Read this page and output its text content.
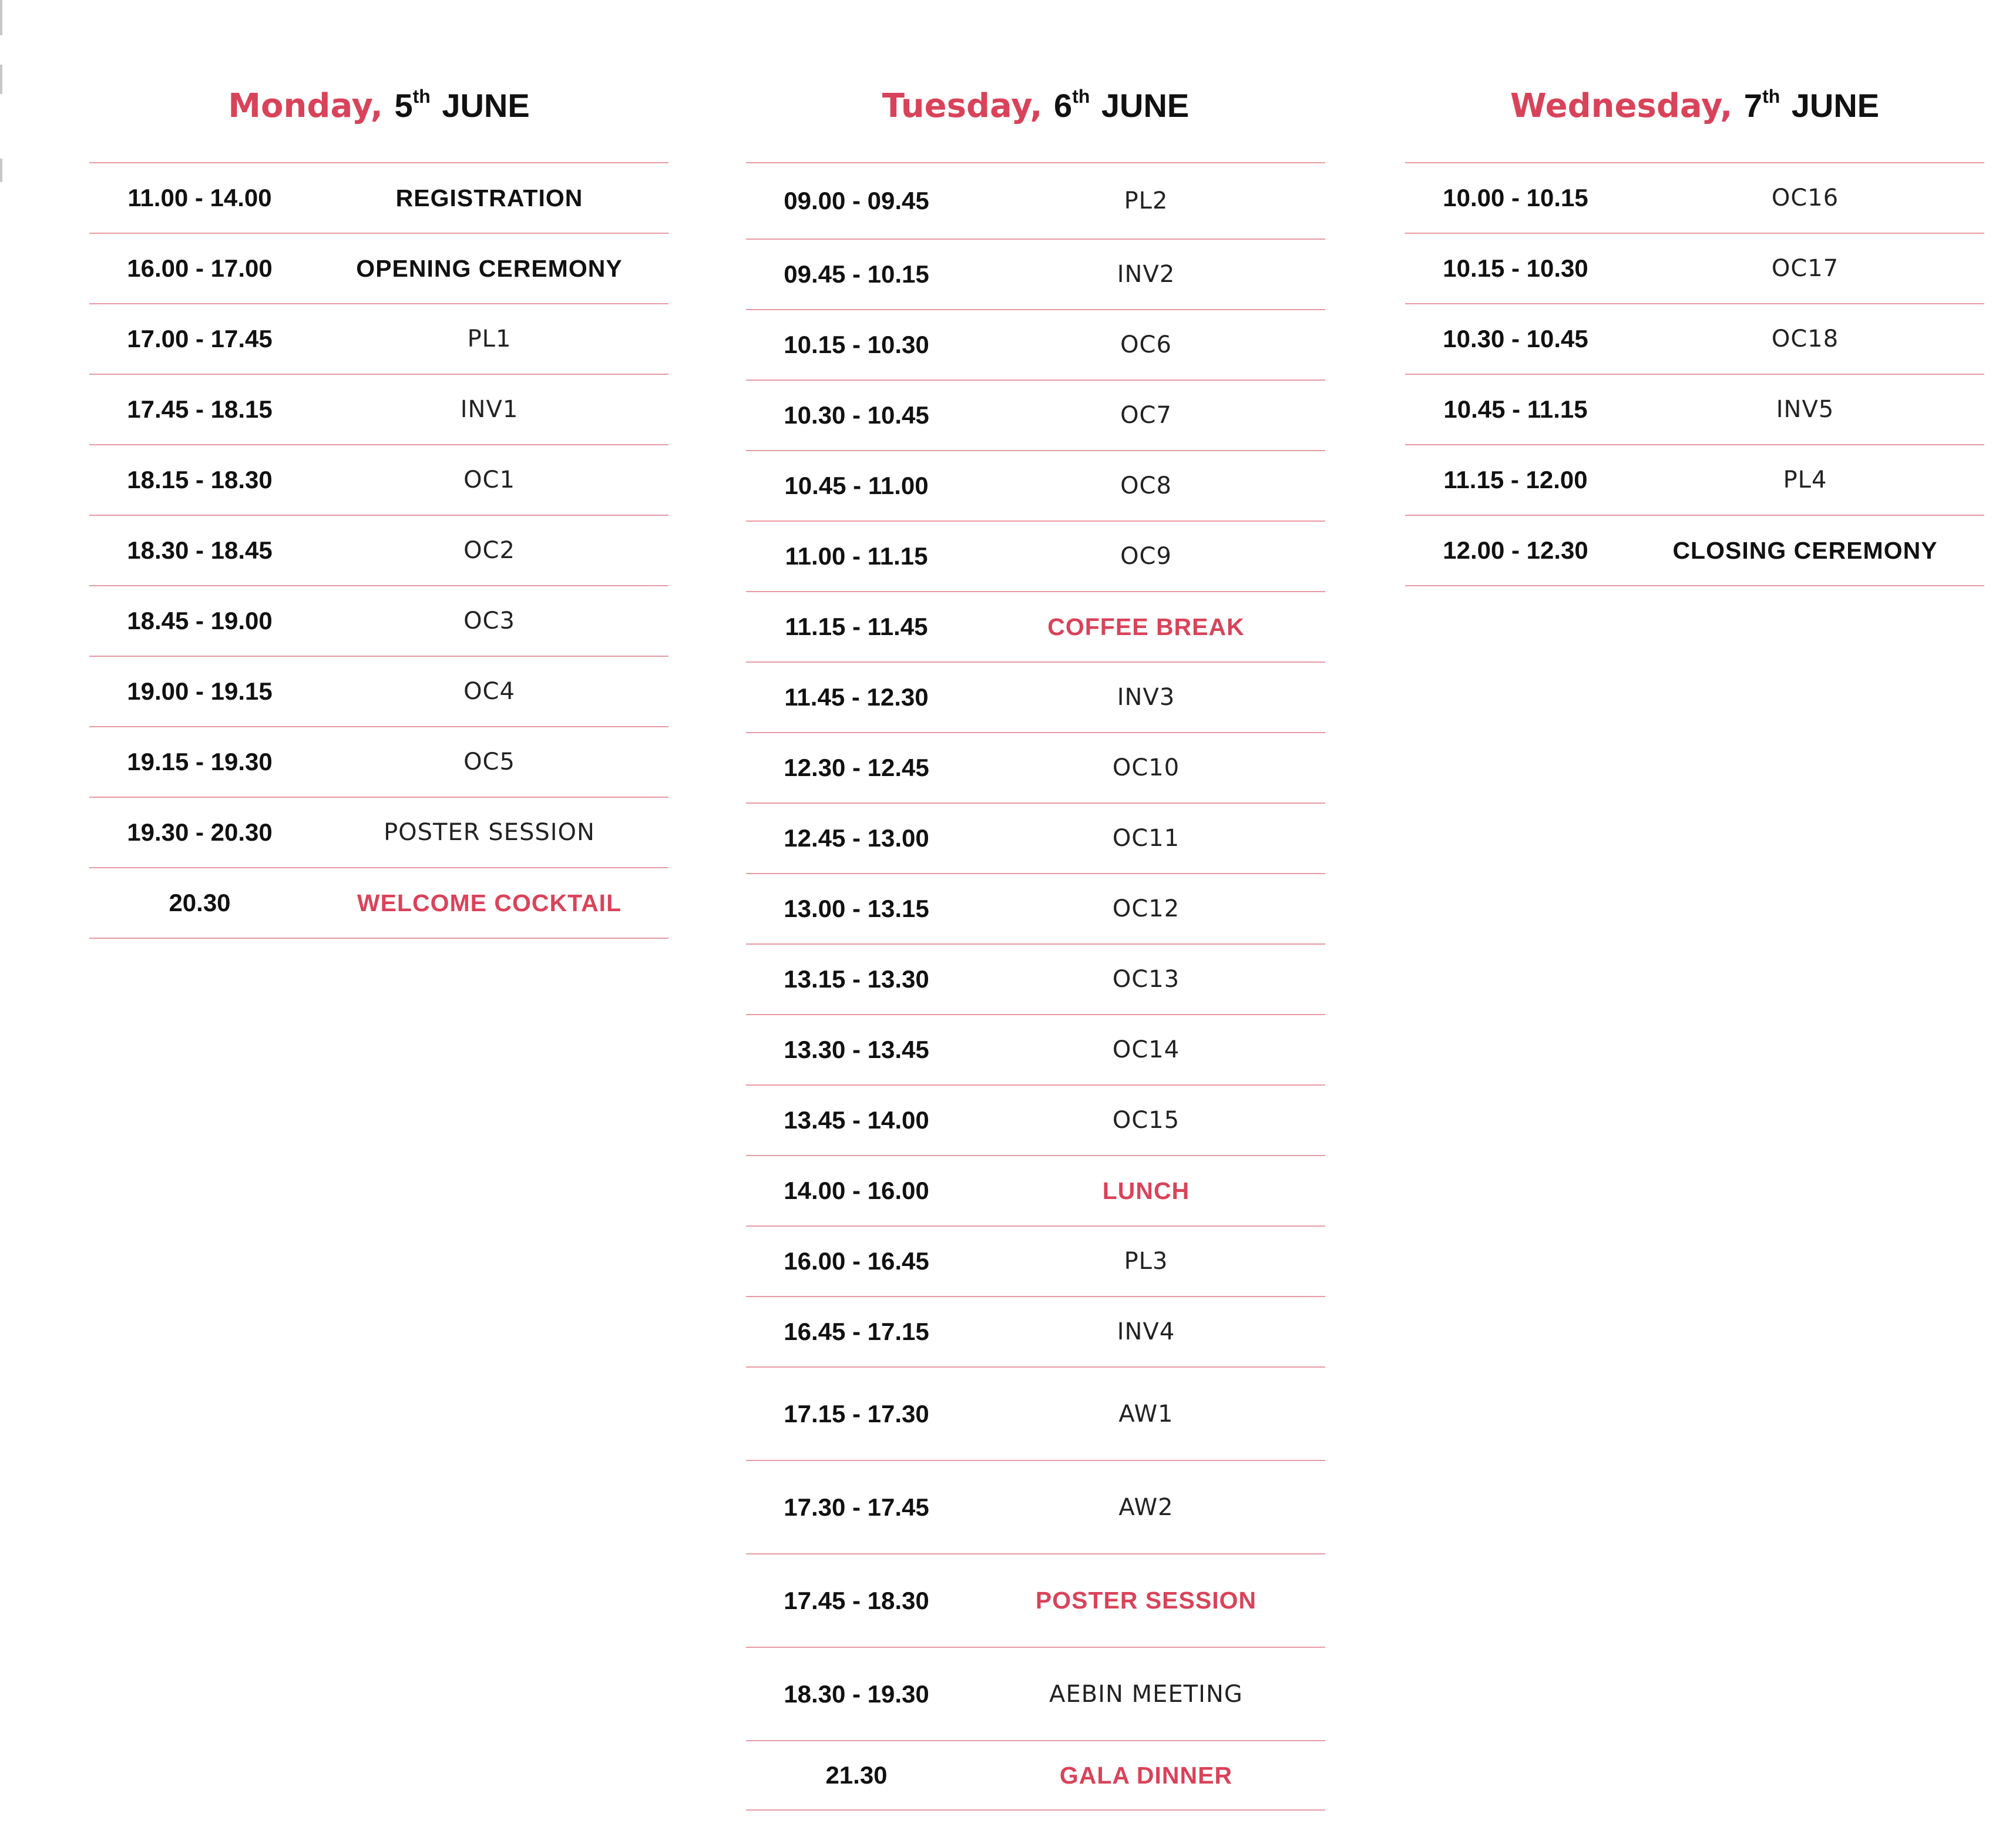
Monday, 5th JUNE
11.00 - 14.00	REGISTRATION
16.00 - 17.00	OPENING CEREMONY
17.00 - 17.45	PL1
17.45 - 18.15	INV1
18.15 - 18.30	OC1
18.30 - 18.45	OC2
18.45 - 19.00	OC3
19.00 - 19.15	OC4
19.15 - 19.30	OC5
19.30 - 20.30	POSTER SESSION
20.30	WELCOME COCKTAIL
Tuesday, 6th JUNE
09.00 - 09.45	PL2
09.45 - 10.15	INV2
10.15 - 10.30	OC6
10.30 - 10.45	OC7
10.45 - 11.00	OC8
11.00 - 11.15	OC9
11.15 - 11.45	COFFEE BREAK
11.45 - 12.30	INV3
12.30 - 12.45	OC10
12.45 - 13.00	OC11
13.00 - 13.15	OC12
13.15 - 13.30	OC13
13.30 - 13.45	OC14
13.45 - 14.00	OC15
14.00 - 16.00	LUNCH
16.00 - 16.45	PL3
16.45 - 17.15	INV4
17.15 - 17.30	AW1
17.30 - 17.45	AW2
17.45 - 18.30	POSTER SESSION
18.30 - 19.30	AEBIN MEETING
21.30	GALA DINNER
Wednesday, 7th JUNE
10.00 - 10.15	OC16
10.15 - 10.30	OC17
10.30 - 10.45	OC18
10.45 - 11.15	INV5
11.15 - 12.00	PL4
12.00 - 12.30	CLOSING CEREMONY
